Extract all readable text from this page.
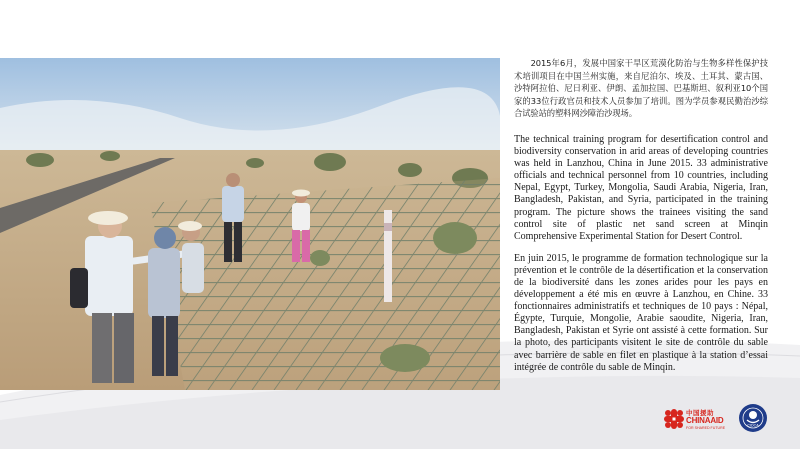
2015年6月，发展中国家干旱区荒漠化防治与生物多样性保护技术培训项目在中国兰州实施，来自尼泊尔、埃及、土耳其、蒙古国、沙特阿拉伯、尼日利亚、伊朗、孟加拉国、巴基斯坦、叙利亚10个国家的33位行政官员和技术人员参加了培训。图为学员参观民勤治沙综合试验站的塑料网沙障治沙现场。

The technical training program for desertification control and biodiversity conservation in arid areas of developing countries was held in Lanzhou, China in June 2015. 33 administrative officials and technical personnel from 10 countries, including Nepal, Egypt, Turkey, Mongolia, Saudi Arabia, Nigeria, Iran, Bangladesh, Pakistan, and Syria, participated in the training program. The picture shows the trainees visiting the sand control site of plastic net sand screen at Minqin Comprehensive Experimental Station for Desert Control.

En juin 2015, le programme de formation technologique sur la prévention et le contrôle de la désertification et la conservation de la biodiversité dans les zones arides pour les pays en développement a été mis en œuvre à Lanzhou, en Chine. 33 fonctionnaires administratifs et techniques de 10 pays : Népal, Égypte, Turquie, Mongolie, Arabie saoudite, Nigeria, Iran, Bangladesh, Pakistan et Syrie ont assisté à cette formation. Sur la photo, des participants visitent le site de contrôle du sable avec barrière de sable en filet en plastique à la station d’essai intégrée de contrôle du sable de Minqin.

中国援助
CHINAAID
FOR SHARED FUTURE
CIDCA
